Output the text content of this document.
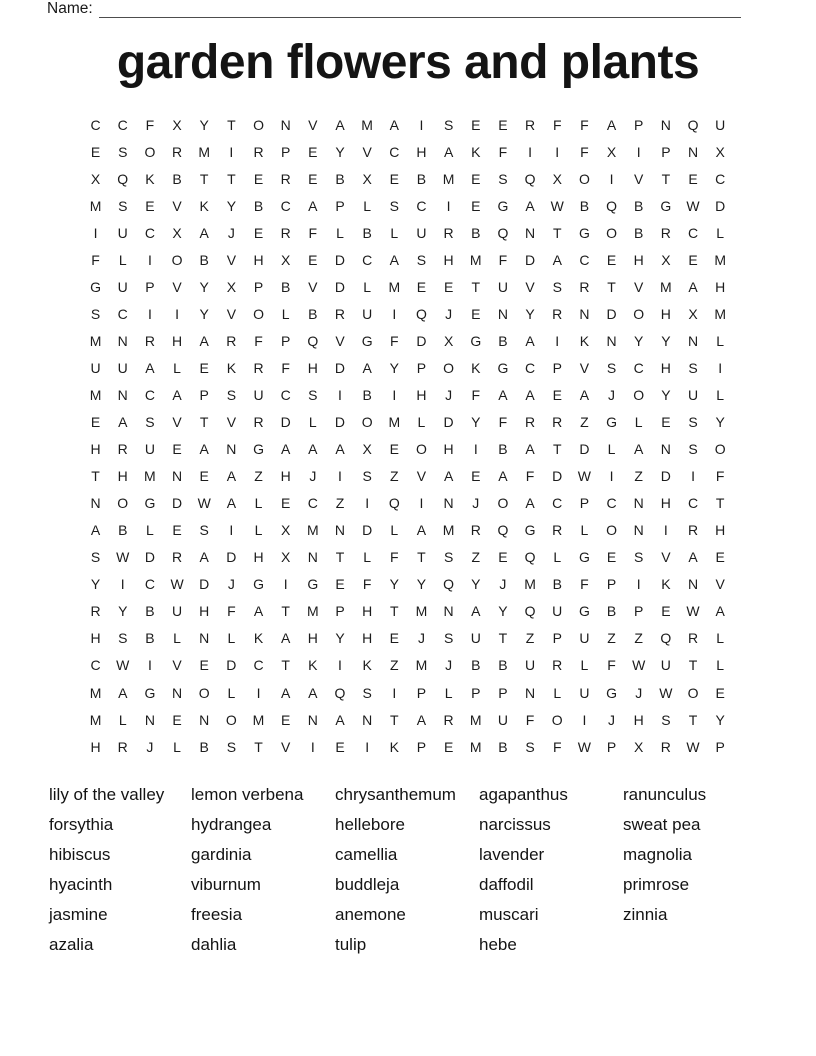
Name:
garden flowers and plants
C	C	F	X	Y	T	O	N	V	A	M	A	I	S	E	E	R	F	F	A	P	N	Q	U
E	S	O	R	M	I	R	P	E	Y	V	C	H	A	K	F	I	I	F	X	I	P	N	X
X	Q	K	B	T	T	E	R	E	B	X	E	B	M	E	S	Q	X	O	I	V	T	E	C
M	S	E	V	K	Y	B	C	A	P	L	S	C	I	E	G	A	W	B	Q	B	G	W	D
I	U	C	X	A	J	E	R	F	L	B	L	U	R	B	Q	N	T	G	O	B	R	C	L
F	L	I	O	B	V	H	X	E	D	C	A	S	H	M	F	D	A	C	E	H	X	E	M
G	U	P	V	Y	X	P	B	V	D	L	M	E	E	T	U	V	S	R	T	V	M	A	H
S	C	I	I	Y	V	O	L	B	R	U	I	Q	J	E	N	Y	R	N	D	O	H	X	M
M	N	R	H	A	R	F	P	Q	V	G	F	D	X	G	B	A	I	K	N	Y	Y	N	L
U	U	A	L	E	K	R	F	H	D	A	Y	P	O	K	G	C	P	V	S	C	H	S	I
M	N	C	A	P	S	U	C	S	I	B	I	H	J	F	A	A	E	A	J	O	Y	U	L
E	A	S	V	T	V	R	D	L	D	O	M	L	D	Y	F	R	R	Z	G	L	E	S	Y
H	R	U	E	A	N	G	A	A	A	X	E	O	H	I	B	A	T	D	L	A	N	S	O
T	H	M	N	E	A	Z	H	J	I	S	Z	V	A	E	A	F	D	W	I	Z	D	I	F
N	O	G	D	W	A	L	E	C	Z	I	Q	I	N	J	O	A	C	P	C	N	H	C	T
A	B	L	E	S	I	L	X	M	N	D	L	A	M	R	Q	G	R	L	O	N	I	R	H
S	W	D	R	A	D	H	X	N	T	L	F	T	S	Z	E	Q	L	G	E	S	V	A	E
Y	I	C	W	D	J	G	I	G	E	F	Y	Y	Q	Y	J	M	B	F	P	I	K	N	V
R	Y	B	U	H	F	A	T	M	P	H	T	M	N	A	Y	Q	U	G	B	P	E	W	A
H	S	B	L	N	L	K	A	H	Y	H	E	J	S	U	T	Z	P	U	Z	Z	Q	R	L
C	W	I	V	E	D	C	T	K	I	K	Z	M	J	B	B	U	R	L	F	W	U	T	L
M	A	G	N	O	L	I	A	A	Q	S	I	P	L	P	P	N	L	U	G	J	W	O	E
M	L	N	E	N	O	M	E	N	A	N	T	A	R	M	U	F	O	I	J	H	S	T	Y
H	R	J	L	B	S	T	V	I	E	I	K	P	E	M	B	S	F	W	P	X	R	W	P
lily of the valley
forsythia
hibiscus
hyacinth
jasmine
azalia
lemon verbena
hydrangea
gardinia
viburnum
freesia
dahlia
chrysanthemum
hellebore
camellia
buddleja
anemone
tulip
agapanthus
narcissus
lavender
daffodil
muscari
hebe
ranunculus
sweat pea
magnolia
primrose
zinnia
